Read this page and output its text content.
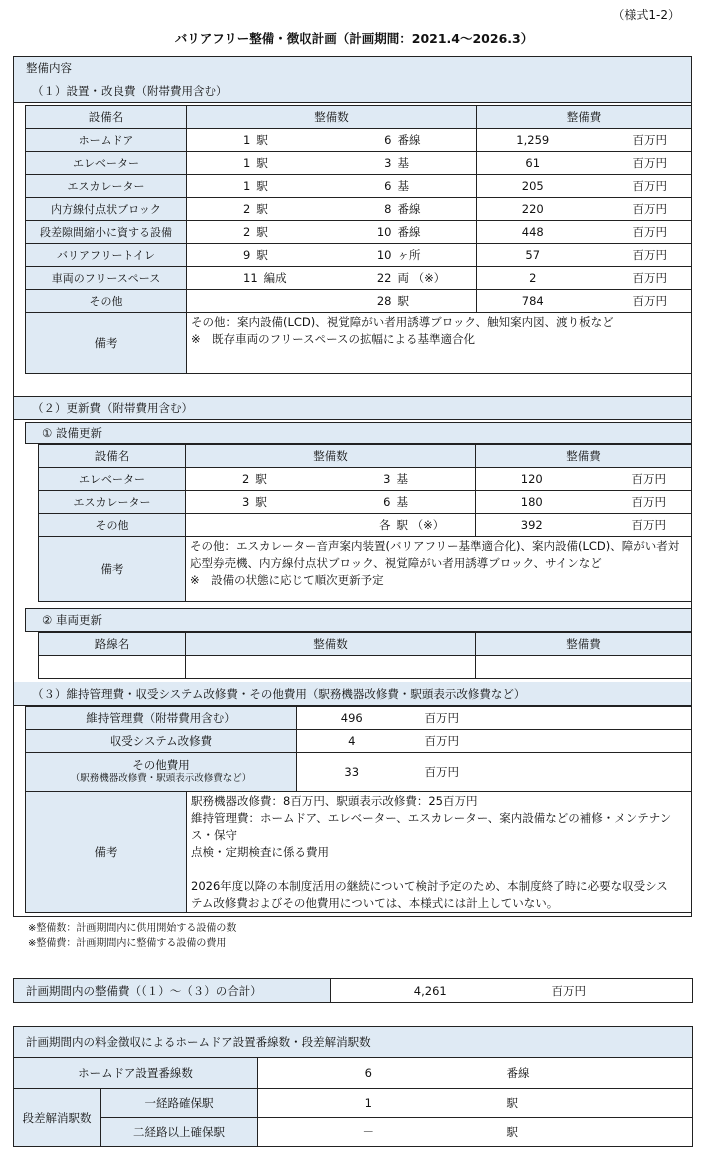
（様式1-2）
バリアフリー整備・徴収計画（計画期間：2021.4～2026.3）
整備内容
（１）設置・改良費（附帯費用含む）
設備名	整備数		整備費	
ホームドア	1 駅	6 番線	1,259	百万円
エレベーター	1 駅	3 基	61	百万円
エスカレーター	1 駅	6 基	205	百万円
内方線付点状ブロック	2 駅	8 番線	220	百万円
段差隙間縮小に資する設備	2 駅	10 番線	448	百万円
バリアフリートイレ	9 駅	10 ヶ所	57	百万円
車両のフリースペース	11 編成	22 両 （※）	2	百万円
その他		28 駅	784	百万円
備考	その他：案内設備(LCD)、視覚障がい者用誘導ブロック、触知案内図、渡り板など
※　既存車両のフリースペースの拡幅による基準適合化			
（２）更新費（附帯費用含む）
① 設備更新
設備名	整備数		整備費	
エレベーター	2 駅	3 基	120	百万円
エスカレーター	3 駅	6 基	180	百万円
その他		各 駅 （※）	392	百万円
備考	その他：エスカレーター音声案内装置(バリアフリー基準適合化)、案内設備(LCD)、障がい者対
応型券売機、内方線付点状ブロック、視覚障がい者用誘導ブロック、サインなど
※　設備の状態に応じて順次更新予定			
② 車両更新
路線名	整備数	整備費

（３）維持管理費・収受システム改修費・その他費用（駅務機器改修費・駅頭表示改修費など）
維持管理費（附帯費用含む）		496	百万円

収受システム改修費		4	百万円

その他費用
（駅務機器改修費・駅頭表示改修費など）		33	百万円
備考	駅務機器改修費：8百万円、駅頭表示改修費：25百万円
維持管理費：ホームドア、エレベーター、エスカレーター、案内設備などの補修・メンテナンス・保守
点検・定期検査に係る費用
2026年度以降の本制度活用の継続について検討予定のため、本制度終了時に必要な収受シス
テム改修費およびその他費用については、本様式には計上していない。		
※整備数：計画期間内に供用開始する設備の数
※整備費：計画期間内に整備する設備の費用
計画期間内の整備費（（１）～（３）の合計）	4,261	百万円
計画期間内の料金徴収によるホームドア設置番線数・段差解消駅数			
ホームドア設置番線数		6	番線
段差解消駅数	一経路確保駅	1	駅
	二経路以上確保駅	－	駅
